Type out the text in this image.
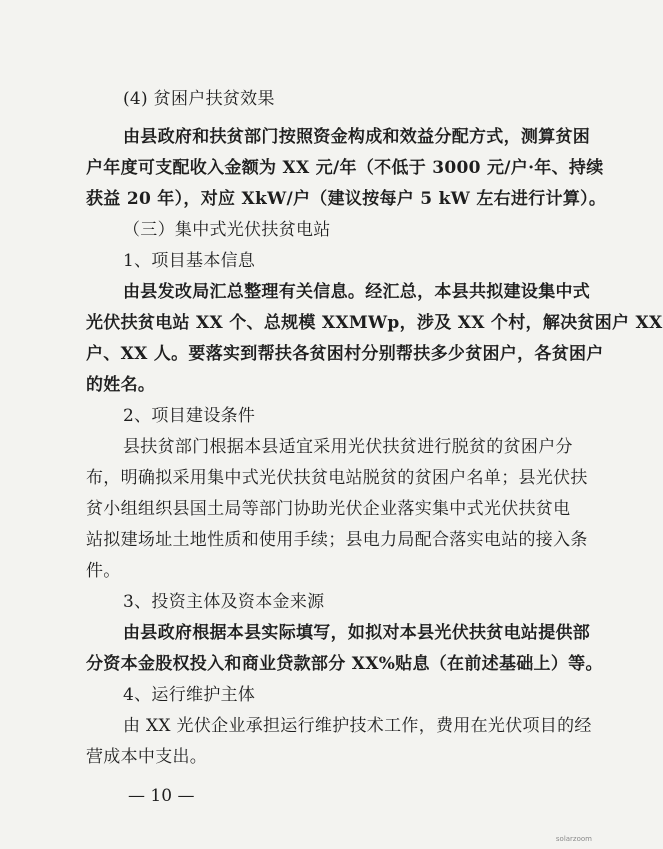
(4) 贫困户扶贫效果
由县政府和扶贫部门按照资金构成和效益分配方式，测算贫困
户年度可支配收入金额为 XX 元/年（不低于 3000 元/户·年、持续
获益 20 年），对应 XkW/户（建议按每户 5 kW 左右进行计算）。
（三）集中式光伏扶贫电站
1、项目基本信息
由县发改局汇总整理有关信息。经汇总，本县共拟建设集中式
光伏扶贫电站 XX 个、总规模 XXMWp，涉及 XX 个村，解决贫困户 XX
户、XX 人。要落实到帮扶各贫困村分别帮扶多少贫困户，各贫困户
的姓名。
2、项目建设条件
县扶贫部门根据本县适宜采用光伏扶贫进行脱贫的贫困户分
布，明确拟采用集中式光伏扶贫电站脱贫的贫困户名单；县光伏扶
贫小组组织县国土局等部门协助光伏企业落实集中式光伏扶贫电
站拟建场址土地性质和使用手续；县电力局配合落实电站的接入条
件。
3、投资主体及资本金来源
由县政府根据本县实际填写，如拟对本县光伏扶贫电站提供部
分资本金股权投入和商业贷款部分 XX%贴息（在前述基础上）等。
4、运行维护主体
由 XX 光伏企业承担运行维护技术工作，费用在光伏项目的经
营成本中支出。
— 10 —
solarzoom
